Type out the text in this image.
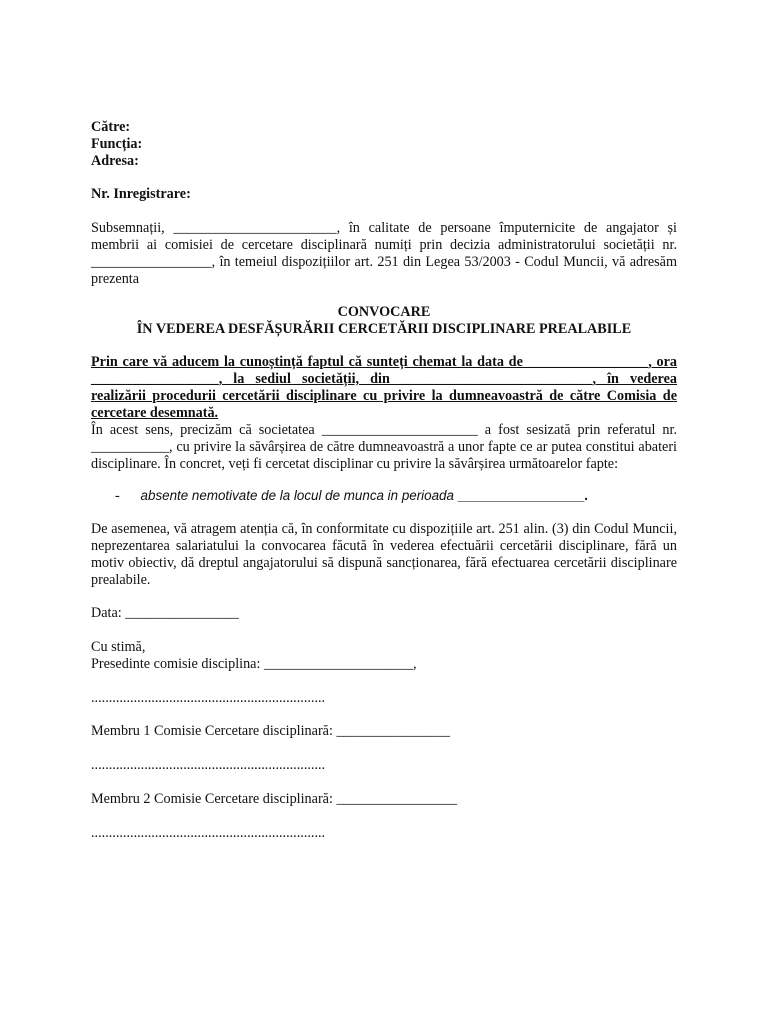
Către:
Funcția:
Adresa:
Nr. Inregistrare:
Subsemnații, _______________________, în calitate de persoane împuternicite de angajator și membrii ai comisiei de cercetare disciplinară numiți prin decizia administratorului societății nr. _________________, în temeiul dispozițiilor art. 251 din Legea 53/2003 - Codul Muncii, vă adresăm prezenta
CONVOCARE
ÎN VEDEREA DESFĂȘURĂRII CERCETĂRII DISCIPLINARE PREALABILE
Prin care vă aducem la cunoștință faptul că sunteți chemat la data de _________________, ora __________________, la sediul societății, din ___________________________, în vederea realizării procedurii cercetării disciplinare cu privire la dumneavoastră de către Comisia de cercetare desemnată.
În acest sens, precizăm că societatea ______________________ a fost sesizată prin referatul nr. ___________, cu privire la săvârșirea de către dumneavoastră a unor fapte ce ar putea constitui abateri disciplinare. În concret, veți fi cercetat disciplinar cu privire la săvârșirea următoarelor fapte:
- absente nemotivate de la locul de munca in perioada _________________.
De asemenea, vă atragem atenția că, în conformitate cu dispozițiile art. 251 alin. (3) din Codul Muncii, neprezentarea salariatului la convocarea făcută în vederea efectuării cercetării disciplinare, fără un motiv obiectiv, dă dreptul angajatorului să dispună sancționarea, fără efectuarea cercetării disciplinare prealabile.
Data: ________________
Cu stimă,
Presedinte comisie disciplina: _____________________,
..................................................................
Membru 1 Comisie Cercetare disciplinară: ________________
..................................................................
Membru 2 Comisie Cercetare disciplinară: _________________
..................................................................
